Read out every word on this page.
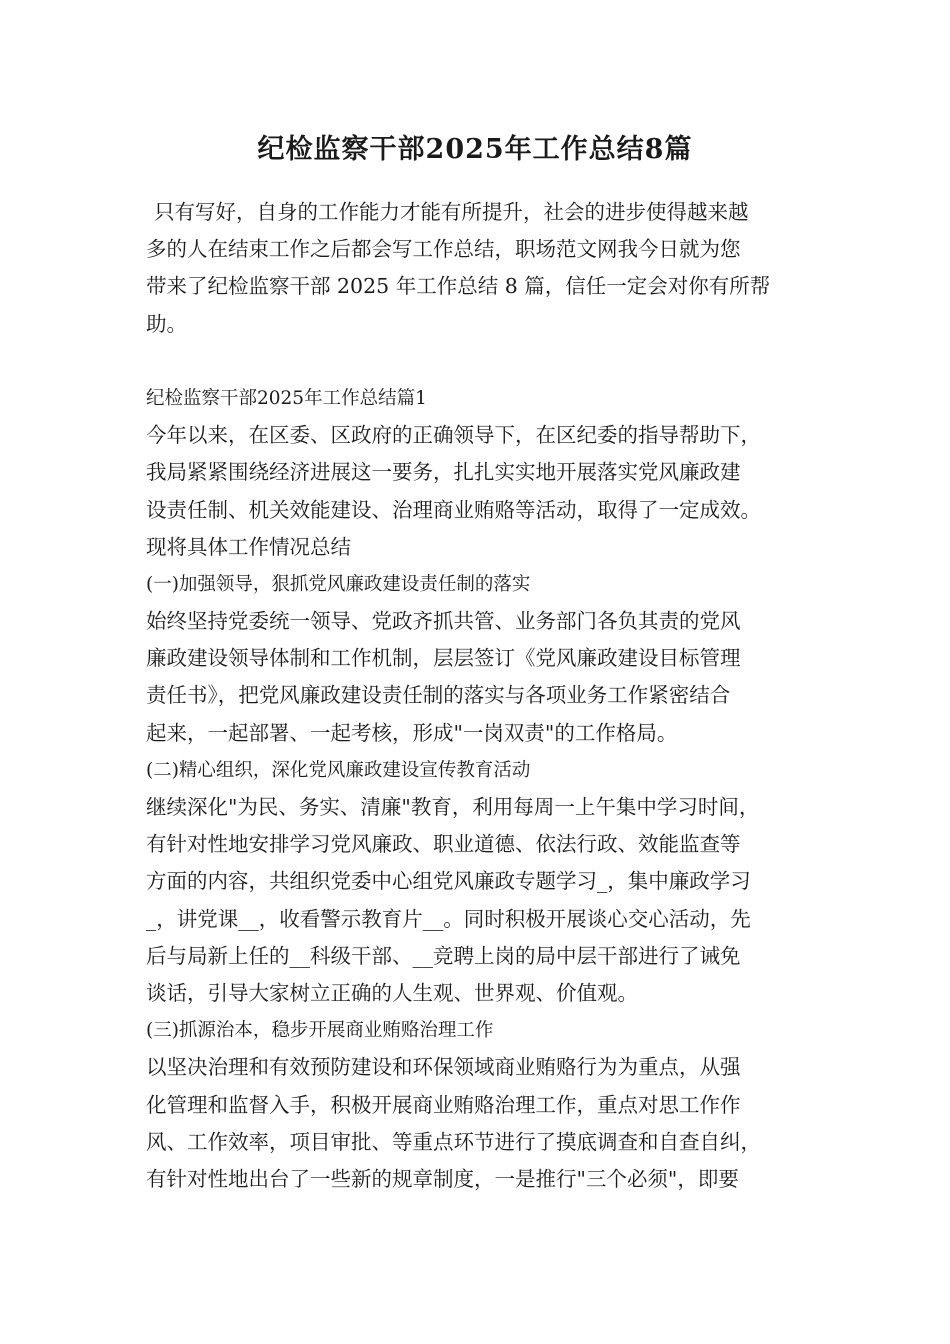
纪检监察干部2025年工作总结8篇

只有写好，自身的工作能力才能有所提升，社会的进步使得越来越

多的人在结束工作之后都会写工作总结，职场范文网我今日就为您

带来了纪检监察干部 2025 年工作总结 8 篇，信任一定会对你有所帮

助。

纪检监察干部2025年工作总结篇1

今年以来，在区委、区政府的正确领导下，在区纪委的指导帮助下，

我局紧紧围绕经济进展这一要务，扎扎实实地开展落实党风廉政建

设责任制、机关效能建设、治理商业贿赂等活动，取得了一定成效。

现将具体工作情况总结

(一)加强领导，狠抓党风廉政建设责任制的落实

始终坚持党委统一领导、党政齐抓共管、业务部门各负其责的党风

廉政建设领导体制和工作机制，层层签订《党风廉政建设目标管理

责任书》，把党风廉政建设责任制的落实与各项业务工作紧密结合

起来，一起部署、一起考核，形成"一岗双责"的工作格局。

(二)精心组织，深化党风廉政建设宣传教育活动

继续深化"为民、务实、清廉"教育，利用每周一上午集中学习时间，

有针对性地安排学习党风廉政、职业道德、依法行政、效能监查等

方面的内容，共组织党委中心组党风廉政专题学习_，集中廉政学习

_，讲党课__，收看警示教育片__。同时积极开展谈心交心活动，先

后与局新上任的__科级干部、__竞聘上岗的局中层干部进行了诫免

谈话，引导大家树立正确的人生观、世界观、价值观。

(三)抓源治本，稳步开展商业贿赂治理工作

以坚决治理和有效预防建设和环保领域商业贿赂行为为重点，从强

化管理和监督入手，积极开展商业贿赂治理工作，重点对思工作作

风、工作效率，项目审批、等重点环节进行了摸底调查和自查自纠，

有针对性地出台了一些新的规章制度，一是推行"三个必须"，即要
